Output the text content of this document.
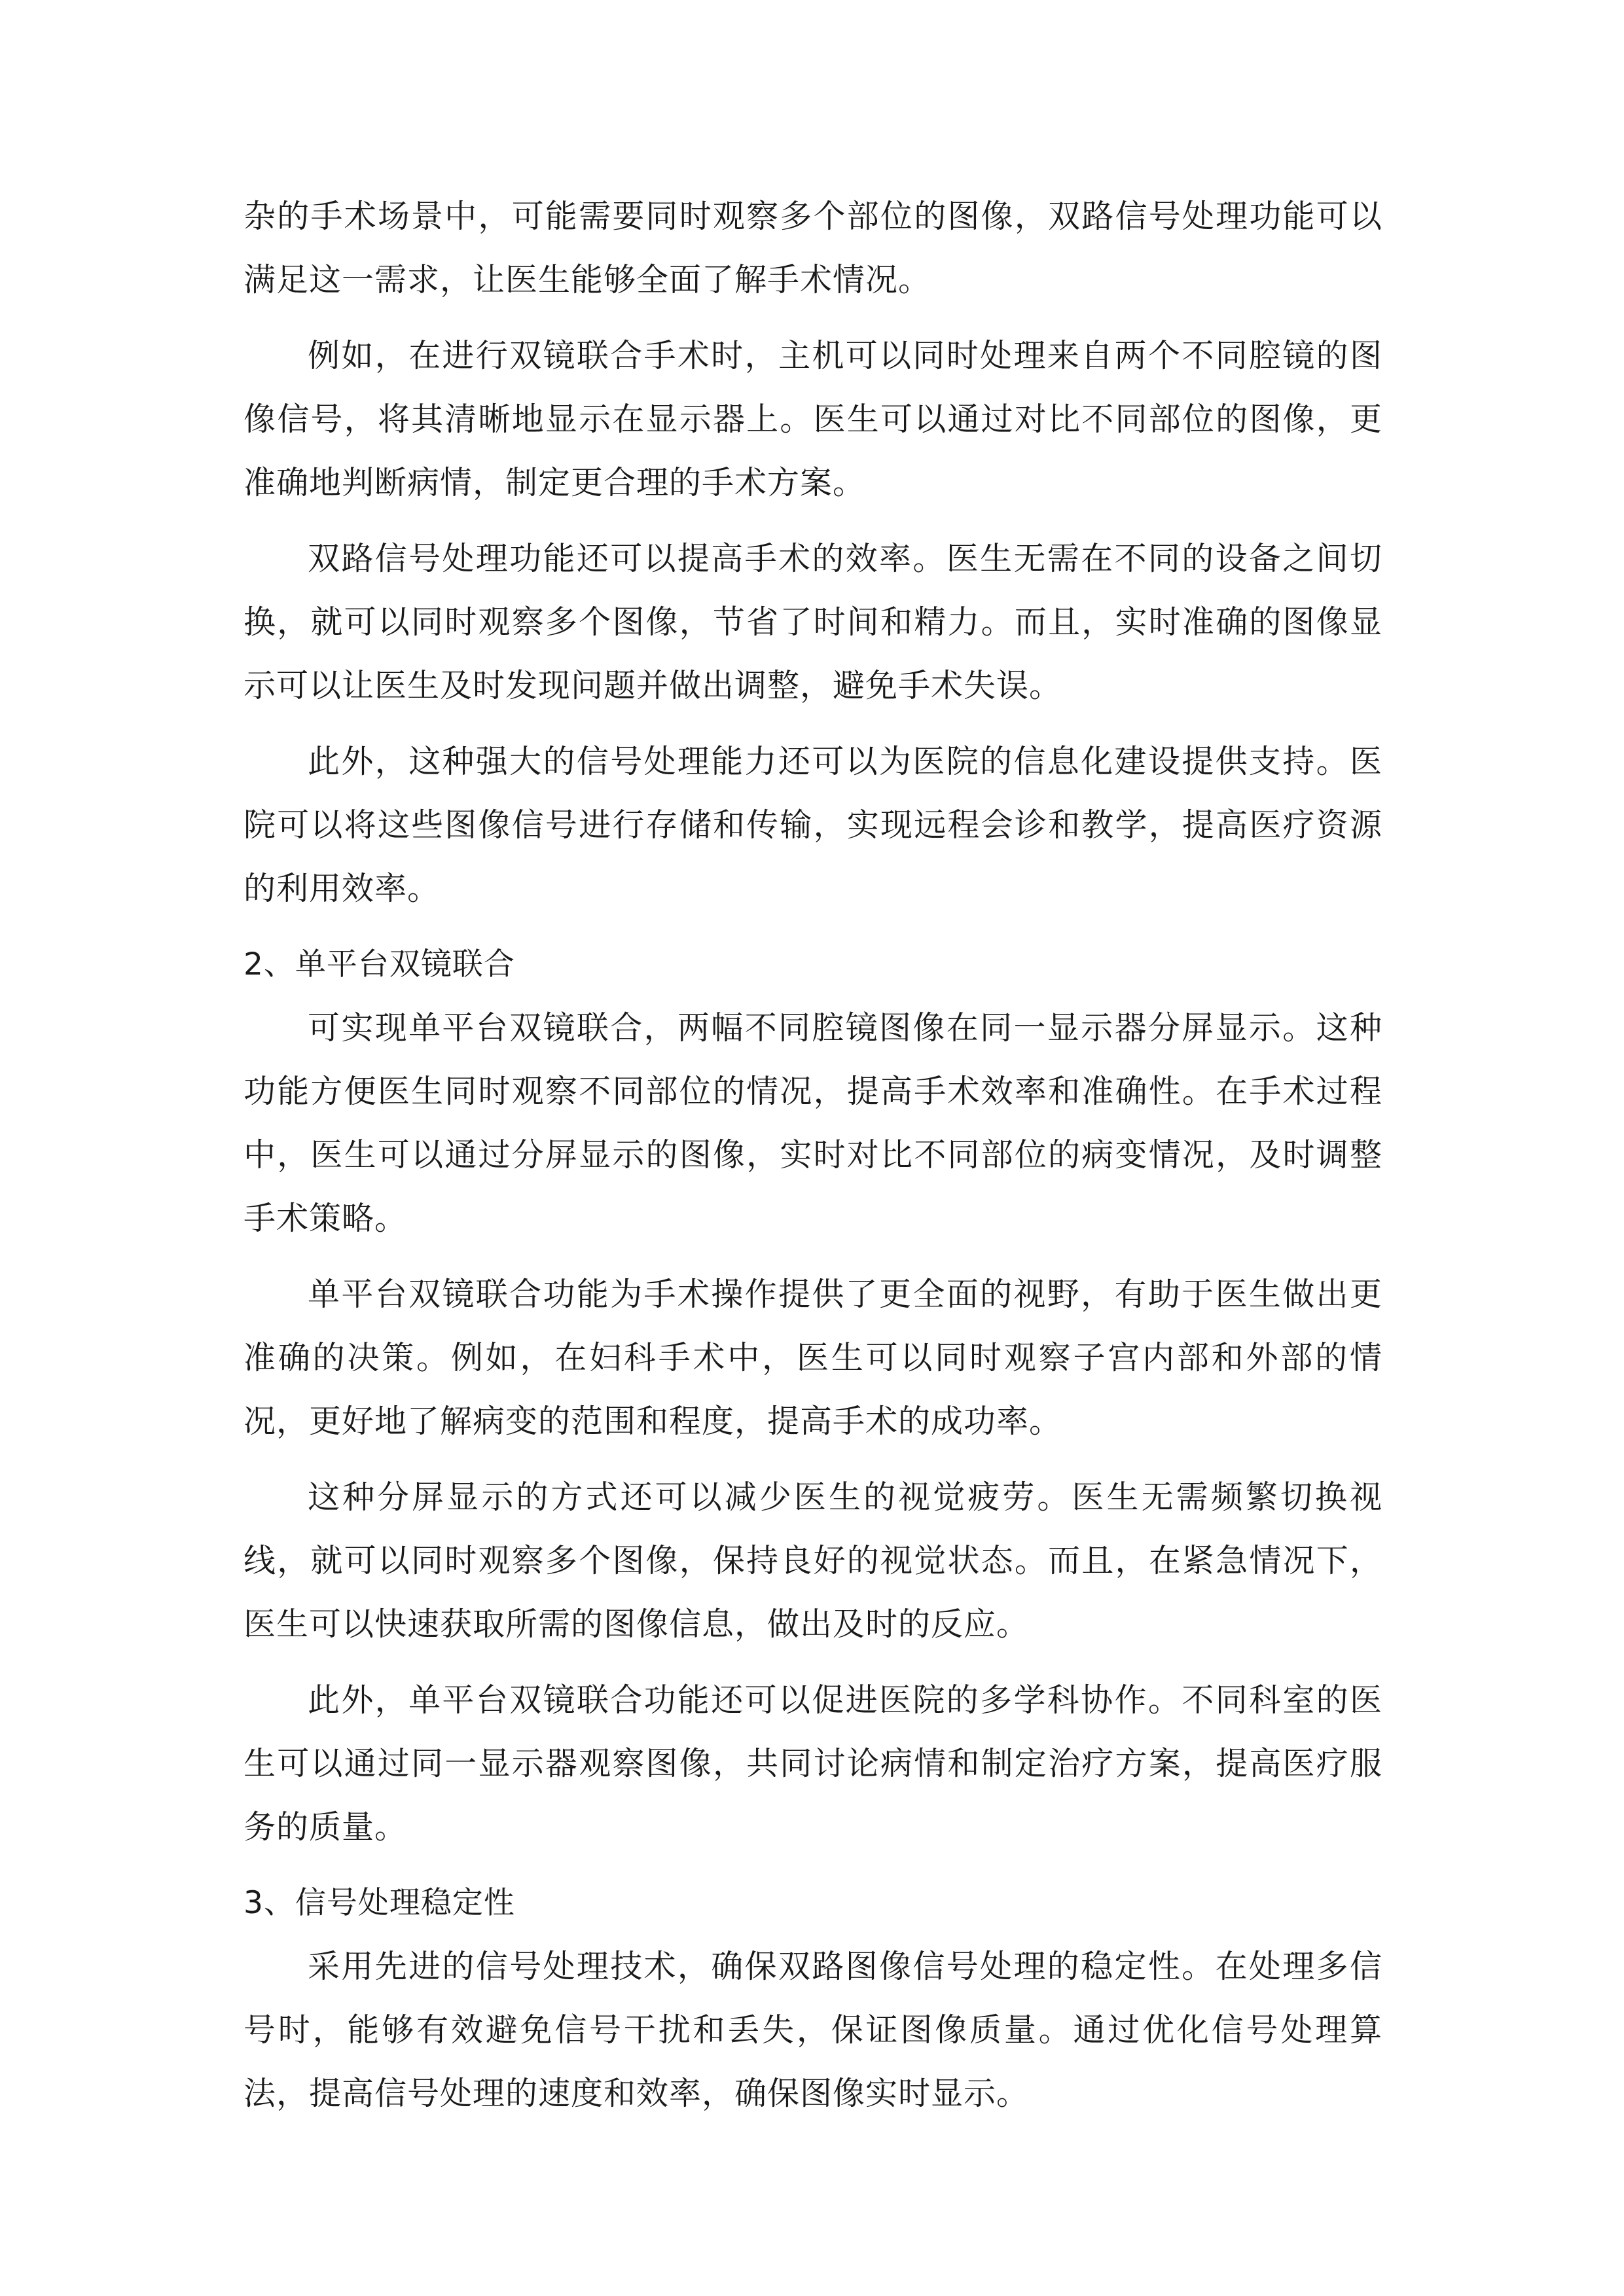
杂的手术场景中，可能需要同时观察多个部位的图像，双路信号处理功能可以满足这一需求，让医生能够全面了解手术情况。

例如，在进行双镜联合手术时，主机可以同时处理来自两个不同腔镜的图像信号，将其清晰地显示在显示器上。医生可以通过对比不同部位的图像，更准确地判断病情，制定更合理的手术方案。

双路信号处理功能还可以提高手术的效率。医生无需在不同的设备之间切换，就可以同时观察多个图像，节省了时间和精力。而且，实时准确的图像显示可以让医生及时发现问题并做出调整，避免手术失误。

此外，这种强大的信号处理能力还可以为医院的信息化建设提供支持。医院可以将这些图像信号进行存储和传输，实现远程会诊和教学，提高医疗资源的利用效率。

2、单平台双镜联合

可实现单平台双镜联合，两幅不同腔镜图像在同一显示器分屏显示。这种功能方便医生同时观察不同部位的情况，提高手术效率和准确性。在手术过程中，医生可以通过分屏显示的图像，实时对比不同部位的病变情况，及时调整手术策略。

单平台双镜联合功能为手术操作提供了更全面的视野，有助于医生做出更准确的决策。例如，在妇科手术中，医生可以同时观察子宫内部和外部的情况，更好地了解病变的范围和程度，提高手术的成功率。

这种分屏显示的方式还可以减少医生的视觉疲劳。医生无需频繁切换视线，就可以同时观察多个图像，保持良好的视觉状态。而且，在紧急情况下，医生可以快速获取所需的图像信息，做出及时的反应。

此外，单平台双镜联合功能还可以促进医院的多学科协作。不同科室的医生可以通过同一显示器观察图像，共同讨论病情和制定治疗方案，提高医疗服务的质量。

3、信号处理稳定性

采用先进的信号处理技术，确保双路图像信号处理的稳定性。在处理多信号时，能够有效避免信号干扰和丢失，保证图像质量。通过优化信号处理算法，提高信号处理的速度和效率，确保图像实时显示。
